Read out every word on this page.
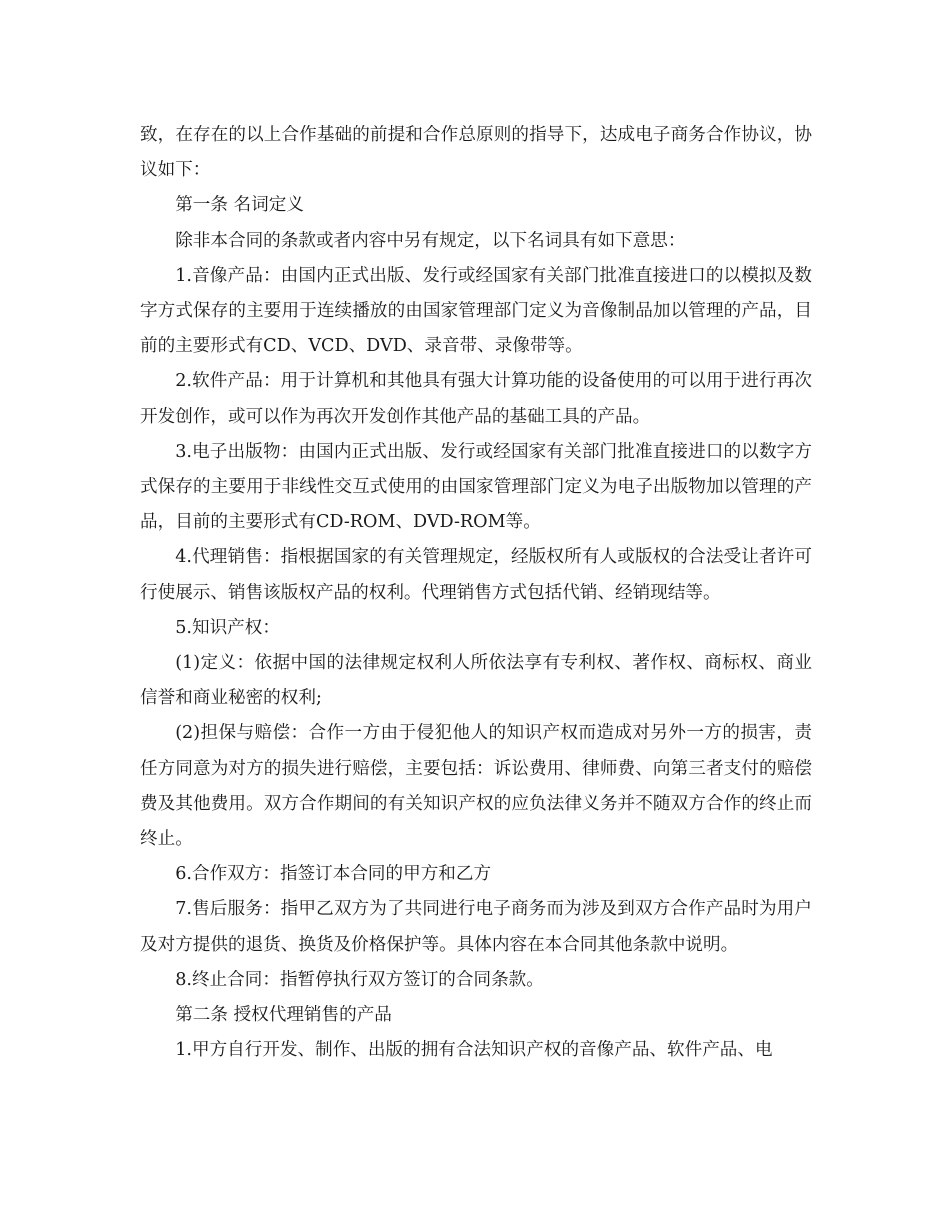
致，在存在的以上合作基础的前提和合作总原则的指导下，达成电子商务合作协议，协议如下：

第一条 名词定义

除非本合同的条款或者内容中另有规定，以下名词具有如下意思：

1.音像产品：由国内正式出版、发行或经国家有关部门批准直接进口的以模拟及数字方式保存的主要用于连续播放的由国家管理部门定义为音像制品加以管理的产品，目前的主要形式有CD、VCD、DVD、录音带、录像带等。

2.软件产品：用于计算机和其他具有强大计算功能的设备使用的可以用于进行再次开发创作，或可以作为再次开发创作其他产品的基础工具的产品。

3.电子出版物：由国内正式出版、发行或经国家有关部门批准直接进口的以数字方式保存的主要用于非线性交互式使用的由国家管理部门定义为电子出版物加以管理的产品，目前的主要形式有CD-ROM、DVD-ROM等。

4.代理销售：指根据国家的有关管理规定，经版权所有人或版权的合法受让者许可行使展示、销售该版权产品的权利。代理销售方式包括代销、经销现结等。

5.知识产权：

(1)定义：依据中国的法律规定权利人所依法享有专利权、著作权、商标权、商业信誉和商业秘密的权利;

(2)担保与赔偿：合作一方由于侵犯他人的知识产权而造成对另外一方的损害，责任方同意为对方的损失进行赔偿，主要包括：诉讼费用、律师费、向第三者支付的赔偿费及其他费用。双方合作期间的有关知识产权的应负法律义务并不随双方合作的终止而终止。

6.合作双方：指签订本合同的甲方和乙方

7.售后服务：指甲乙双方为了共同进行电子商务而为涉及到双方合作产品时为用户及对方提供的退货、换货及价格保护等。具体内容在本合同其他条款中说明。

8.终止合同：指暂停执行双方签订的合同条款。

第二条 授权代理销售的产品

1.甲方自行开发、制作、出版的拥有合法知识产权的音像产品、软件产品、电
